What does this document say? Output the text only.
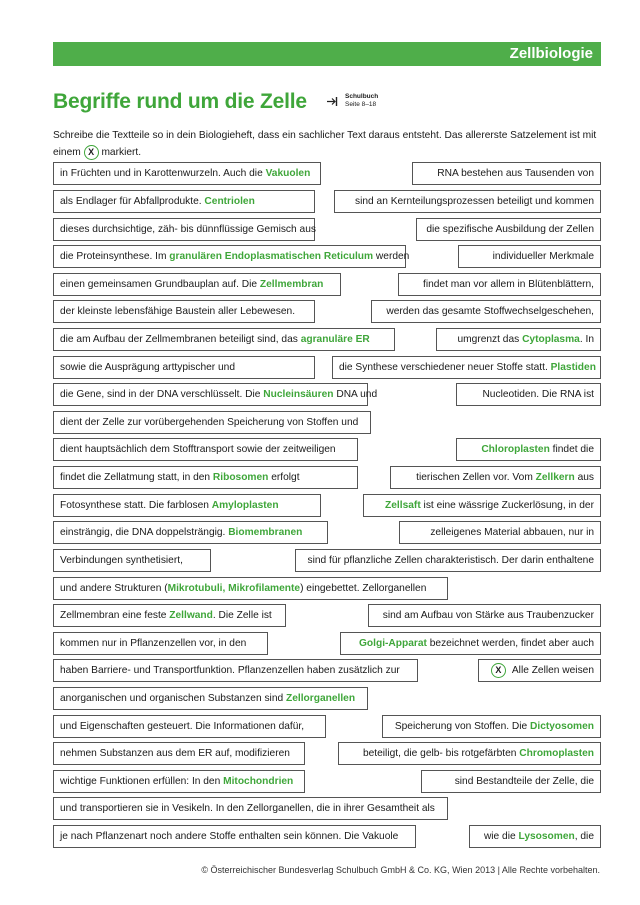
Zellbiologie
Begriffe rund um die Zelle	Schulbuch
Seite 8–18
Schreibe die Textteile so in dein Biologieheft, dass ein sachlicher Text daraus entsteht. Das allererste Satzelement ist mit einem X markiert.
in Früchten und in Karottenwurzeln. Auch die Vakuolen	RNA bestehen aus Tausenden von
als Endlager für Abfallprodukte. Centriolen	sind an Kernteilungsprozessen beteiligt und kommen
dieses durchsichtige, zäh- bis dünnflüssige Gemisch aus	die spezifische Ausbildung der Zellen
die Proteinsynthese. Im granulären Endoplasmatischen Reticulum werden	individueller Merkmale
einen gemeinsamen Grundbauplan auf. Die Zellmembran	findet man vor allem in Blütenblättern,
der kleinste lebensfähige Baustein aller Lebewesen.	werden das gesamte Stoffwechselgeschehen,
die am Aufbau der Zellmembranen beteiligt sind, das agranuläre ER	umgrenzt das Cytoplasma. In
sowie die Ausprägung arttypischer und	die Synthese verschiedener neuer Stoffe statt. Plastiden
die Gene, sind in der DNA verschlüsselt. Die Nucleinsäuren DNA und	Nucleotiden. Die RNA ist
dient der Zelle zur vorübergehenden Speicherung von Stoffen und
dient hauptsächlich dem Stofftransport sowie der zeitweiligen	Chloroplasten findet die
findet die Zellatmung statt, in den Ribosomen erfolgt	tierischen Zellen vor. Vom Zellkern aus
Fotosynthese statt. Die farblosen Amyloplasten	Zellsaft ist eine wässrige Zuckerlösung, in der
einsträngig, die DNA doppelsträngig. Biomembranen	zelleigenes Material abbauen, nur in
Verbindungen synthetisiert,	sind für pflanzliche Zellen charakteristisch. Der darin enthaltene
und andere Strukturen (Mikrotubuli, Mikrofilamente) eingebettet. Zellorganellen
Zellmembran eine feste Zellwand. Die Zelle ist	sind am Aufbau von Stärke aus Traubenzucker
kommen nur in Pflanzenzellen vor, in den	Golgi-Apparat bezeichnet werden, findet aber auch
haben Barriere- und Transportfunktion. Pflanzenzellen haben zusätzlich zur	X Alle Zellen weisen
anorganischen und organischen Substanzen sind Zellorganellen
und Eigenschaften gesteuert. Die Informationen dafür,	Speicherung von Stoffen. Die Dictyosomen
nehmen Substanzen aus dem ER auf, modifizieren	beteiligt, die gelb- bis rotgefärbten Chromoplasten
wichtige Funktionen erfüllen: In den Mitochondrien	sind Bestandteile der Zelle, die
und transportieren sie in Vesikeln. In den Zellorganellen, die in ihrer Gesamtheit als
je nach Pflanzenart noch andere Stoffe enthalten sein können. Die Vakuole	wie die Lysosomen, die
© Österreichischer Bundesverlag Schulbuch GmbH & Co. KG, Wien 2013 | Alle Rechte vorbehalten.
